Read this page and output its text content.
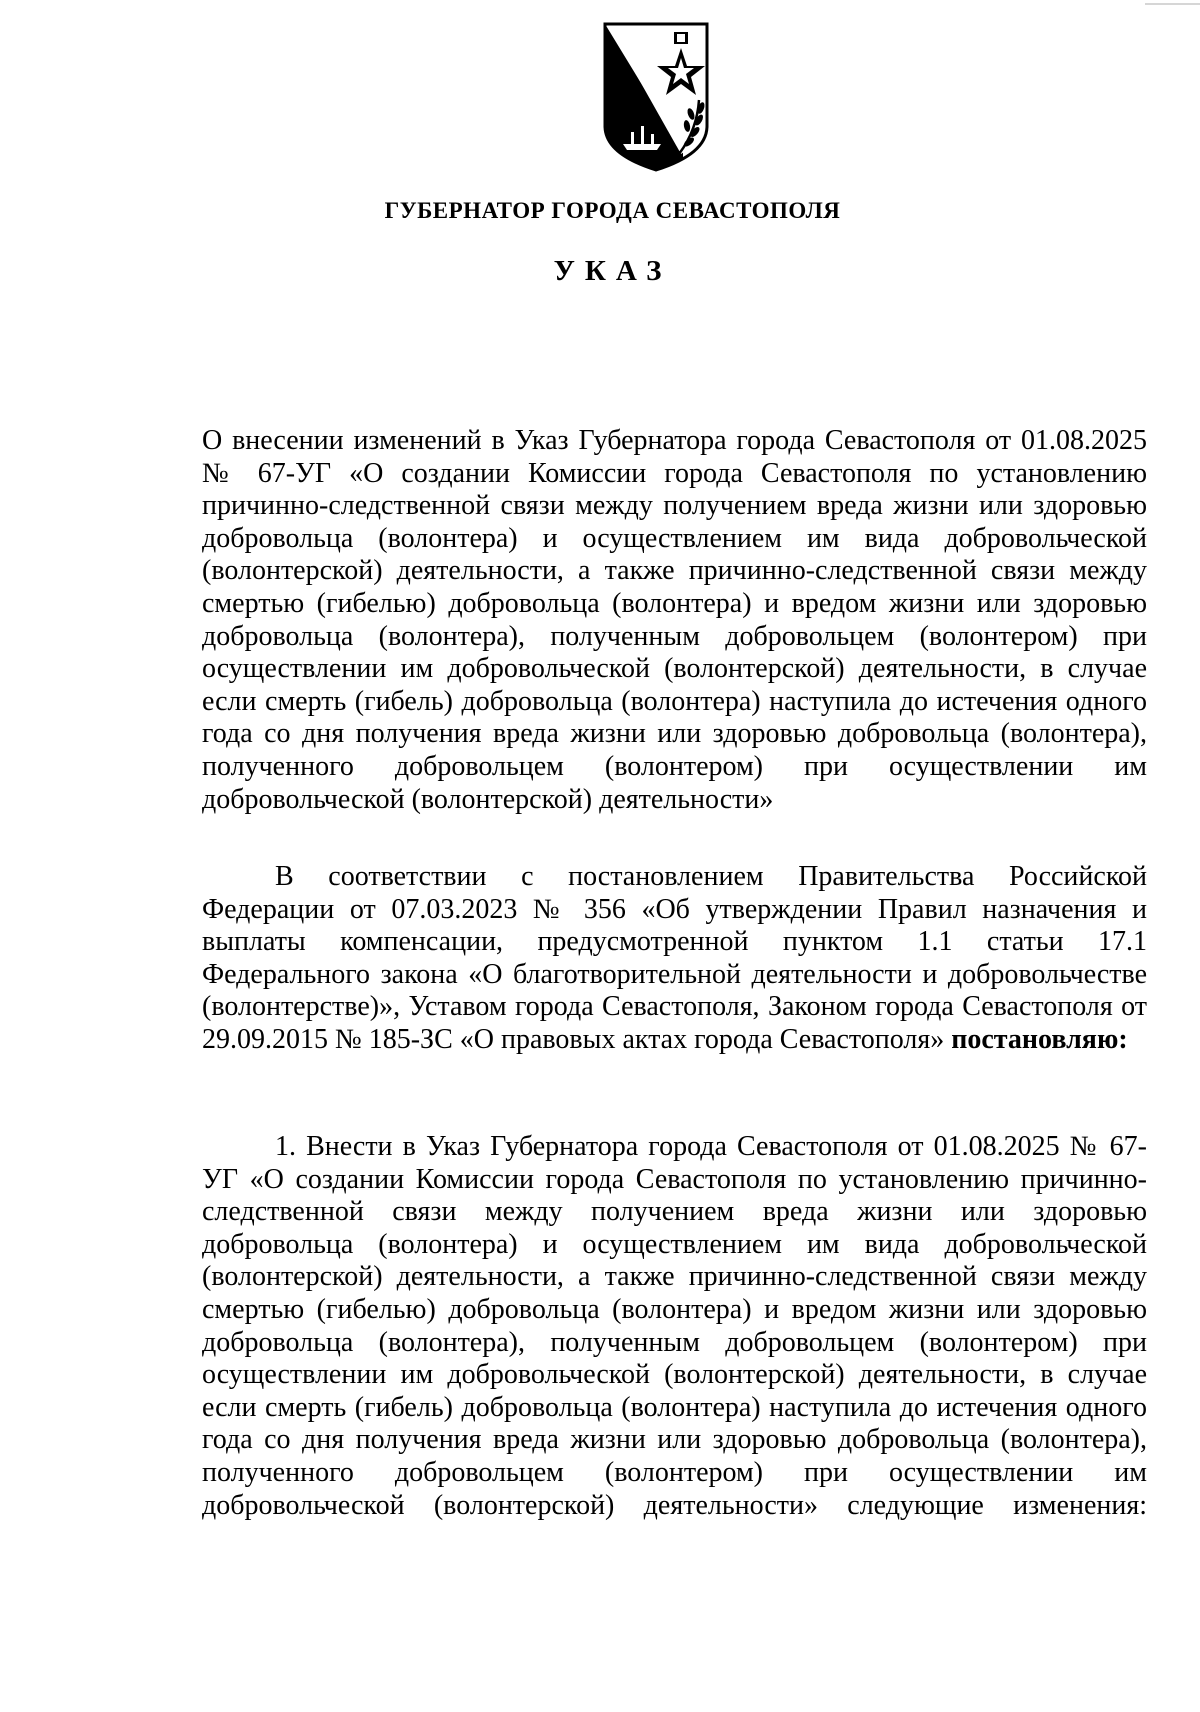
ГУБЕРНАТОР ГОРОДА СЕВАСТОПОЛЯ
УКАЗ
О внесении изменений в Указ Губернатора города Севастополя от 01.08.2025 № 67-УГ «О создании Комиссии города Севастополя по установлению причинно-следственной связи между получением вреда жизни или здоровью добровольца (волонтера) и осуществлением им вида добровольческой (волонтерской) деятельности, а также причинно-следственной связи между смертью (гибелью) добровольца (волонтера) и вредом жизни или здоровью добровольца (волонтера), полученным добровольцем (волонтером) при осуществлении им добровольческой (волонтерской) деятельности, в случае если смерть (гибель) добровольца (волонтера) наступила до истечения одного года со дня получения вреда жизни или здоровью добровольца (волонтера), полученного добровольцем (волонтером) при осуществлении им добровольческой (волонтерской) деятельности»
В соответствии с постановлением Правительства Российской Федерации от 07.03.2023 № 356 «Об утверждении Правил назначения и выплаты компенсации, предусмотренной пунктом 1.1 статьи 17.1 Федерального закона «О благотворительной деятельности и добровольчестве (волонтерстве)», Уставом города Севастополя, Законом города Севастополя от 29.09.2015 № 185-ЗС «О правовых актах города Севастополя» постановляю:
1. Внести в Указ Губернатора города Севастополя от 01.08.2025 № 67-УГ «О создании Комиссии города Севастополя по установлению причинно-следственной связи между получением вреда жизни или здоровью добровольца (волонтера) и осуществлением им вида добровольческой (волонтерской) деятельности, а также причинно-следственной связи между смертью (гибелью) добровольца (волонтера) и вредом жизни или здоровью добровольца (волонтера), полученным добровольцем (волонтером) при осуществлении им добровольческой (волонтерской) деятельности, в случае если смерть (гибель) добровольца (волонтера) наступила до истечения одного года со дня получения вреда жизни или здоровью добровольца (волонтера), полученного добровольцем (волонтером) при осуществлении им добровольческой (волонтерской) деятельности» следующие изменения:
